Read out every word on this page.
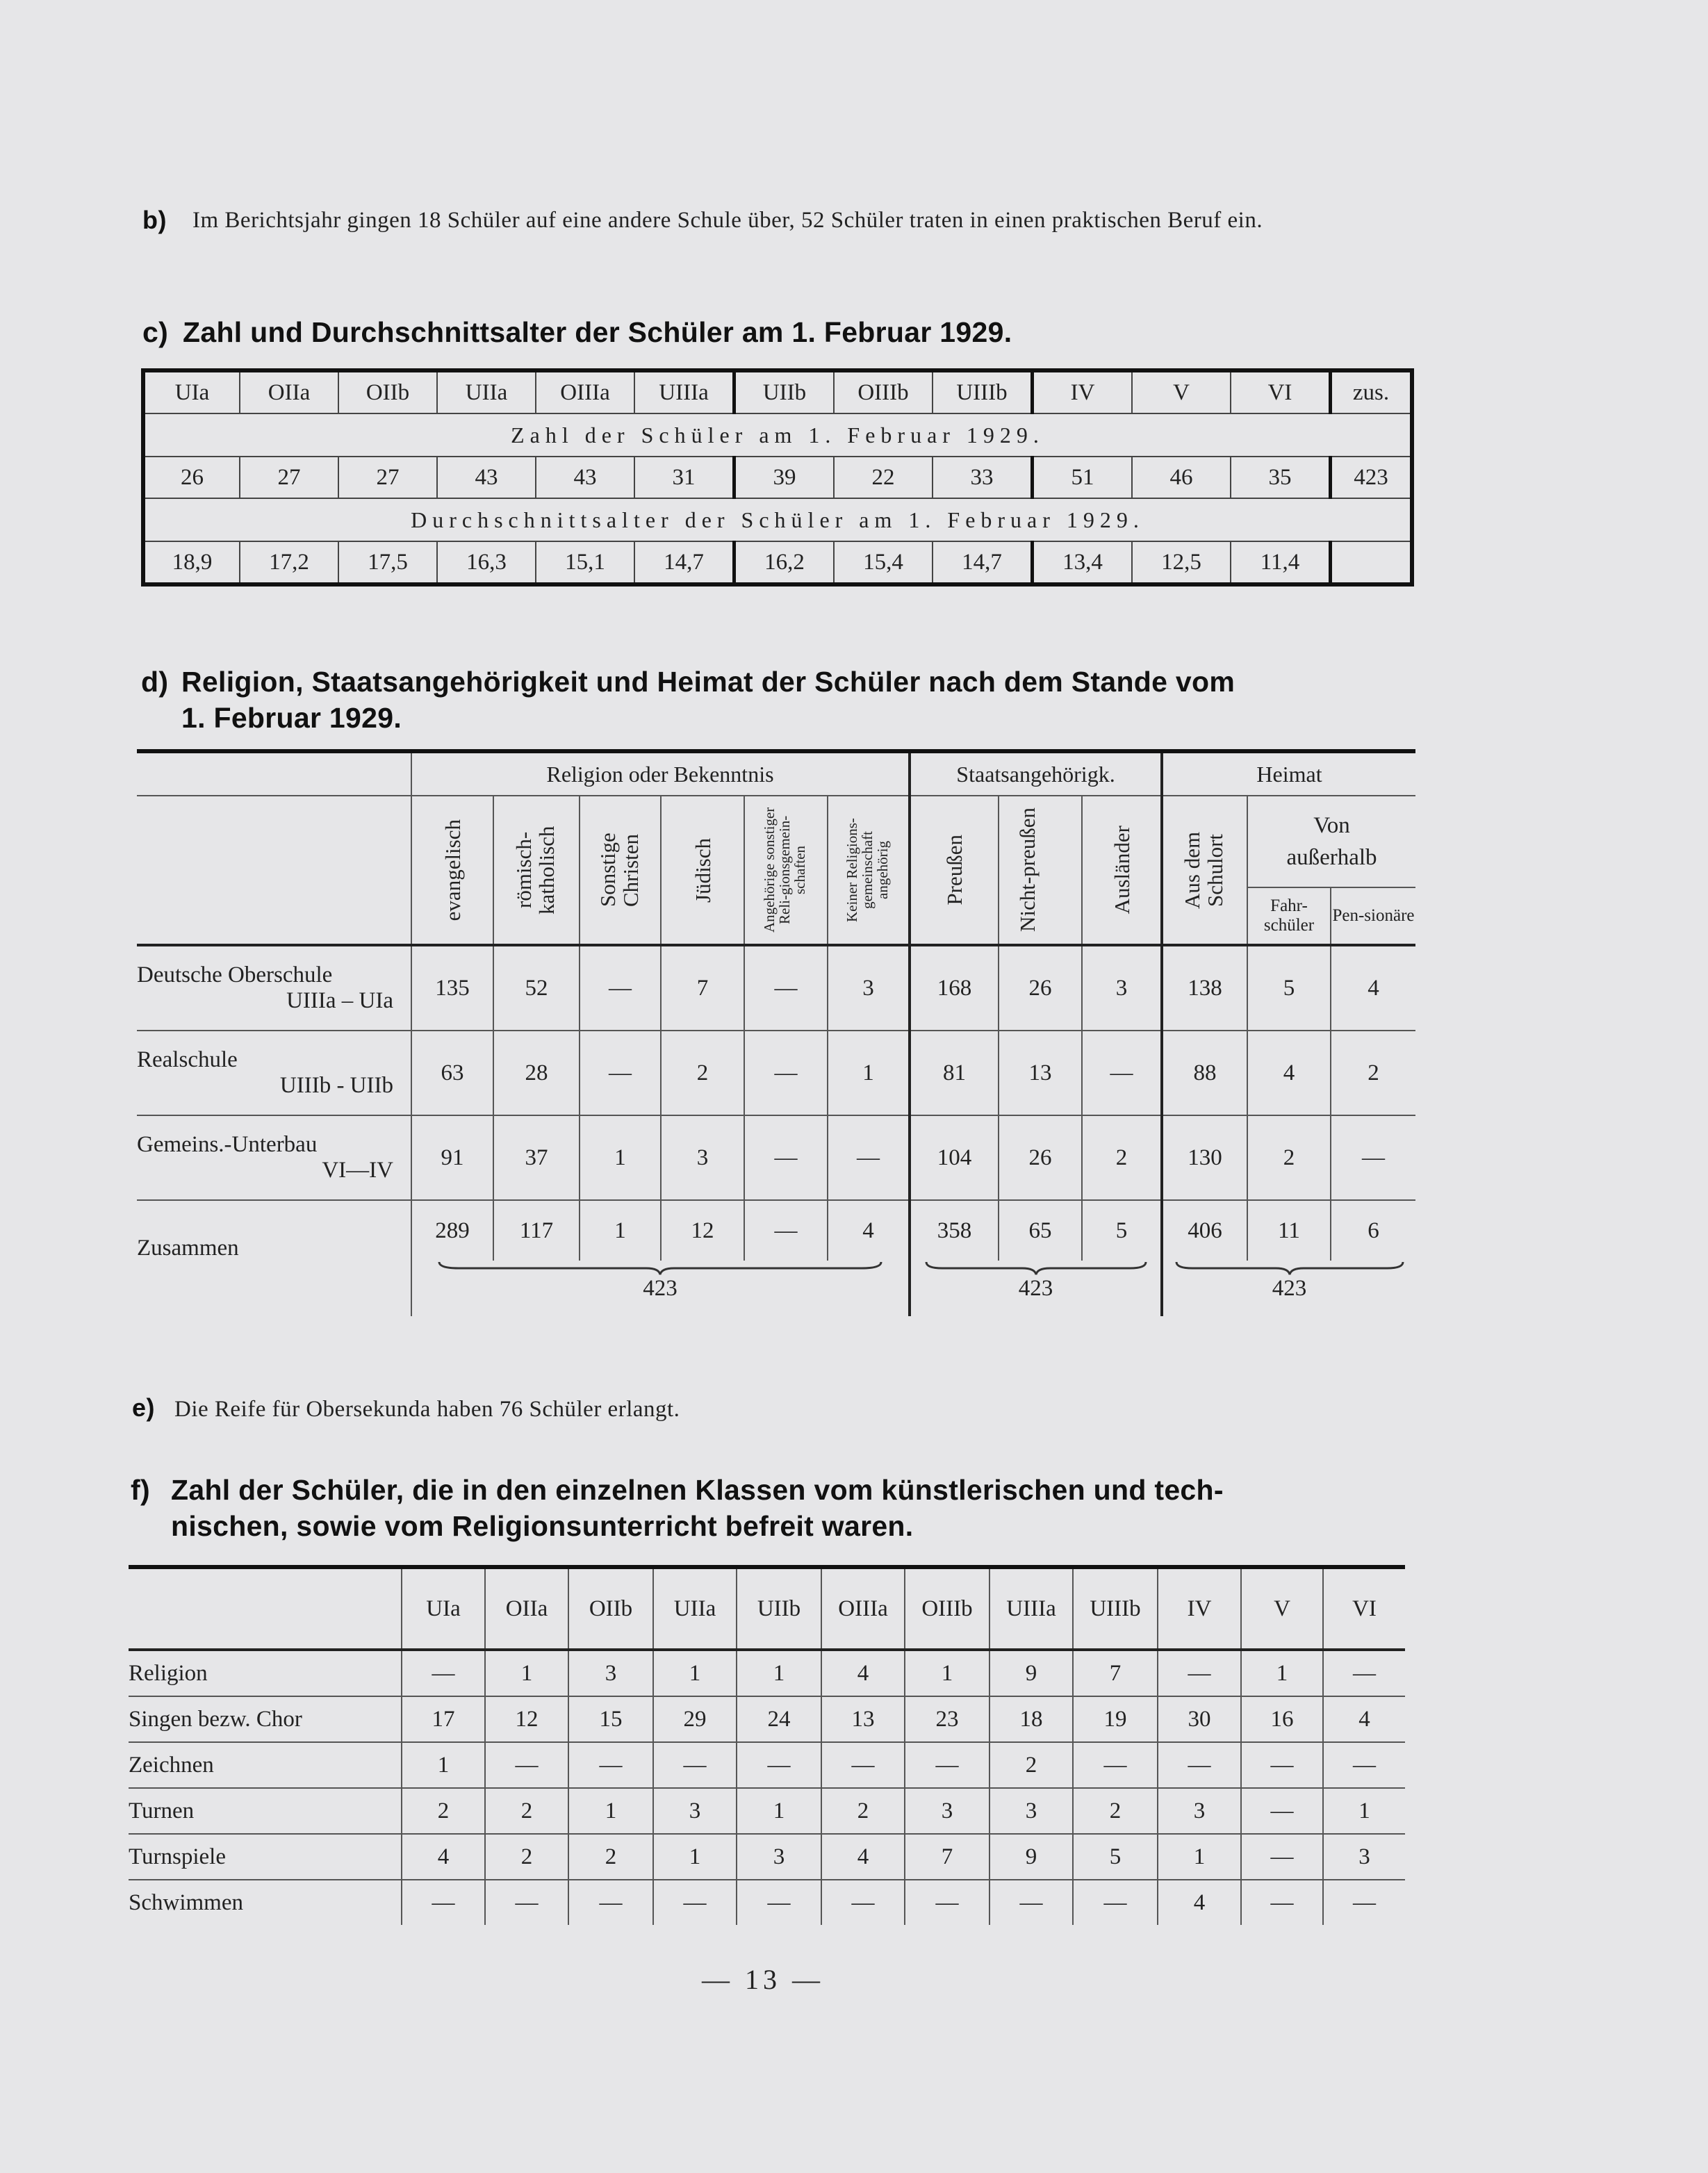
b)	Im Berichtsjahr gingen 18 Schüler auf eine andere Schule über, 52 Schüler traten in einen praktischen Beruf ein.
c) Zahl und Durchschnittsalter der Schüler am 1. Februar 1929.
UIa	OIIa	OIIb	UIIa	OIIIa	UIIIa	UIIb	OIIIb	UIIIb	IV	V	VI	zus.
Zahl der Schüler am 1. Februar 1929.												
26	27	27	43	43	31	39	22	33	51	46	35	423
Durchschnittsalter der Schüler am 1. Februar 1929.												
18,9	17,2	17,5	16,3	15,1	14,7	16,2	15,4	14,7	13,4	12,5	11,4	
d) Religion, Staatsangehörigkeit und Heimat der Schüler nach dem Stande vom
1. Februar 1929.
	Religion oder Bekenntnis						Staatsangehörigk.			Heimat		

	evangelisch	römisch-katholisch	Sonstige Christen	Jüdisch	Angehörige sonstiger Reli-gionsgemein-schaften	Keiner Religions-gemeinschaft angehörig	Preußen	Nicht-preußen	Ausländer	Aus dem Schulort	Von außerhalb	
											Fahr-schüler	Pen-sionäre

Deutsche Oberschule
UIIIa – UIa	135	52	—	7	—	3	168	26	3	138	5	4

Realschule
UIIIb - UIIb	63	28	—	2	—	1	81	13	—	88	4	2

Gemeins.-Unterbau
VI—IV	91	37	1	3	—	—	104	26	2	130	2	—
Zusammen	289	117	1	12	—	4	358	65	5	406	11	6

	423						423			423		
e) Die Reife für Obersekunda haben 76 Schüler erlangt.
f) Zahl der Schüler, die in den einzelnen Klassen vom künstlerischen und tech-
nischen, sowie vom Religionsunterricht befreit waren.
	UIa	OIIa	OIIb	UIIa	UIIb	OIIIa	OIIIb	UIIIa	UIIIb	IV	V	VI
Religion	—	1	3	1	1	4	1	9	7	—	1	—
Singen bezw. Chor	17	12	15	29	24	13	23	18	19	30	16	4
Zeichnen	1	—	—	—	—	—	—	2	—	—	—	—
Turnen	2	2	1	3	1	2	3	3	2	3	—	1
Turnspiele	4	2	2	1	3	4	7	9	5	1	—	3
Schwimmen	—	—	—	—	—	—	—	—	—	4	—	—
— 13 —
